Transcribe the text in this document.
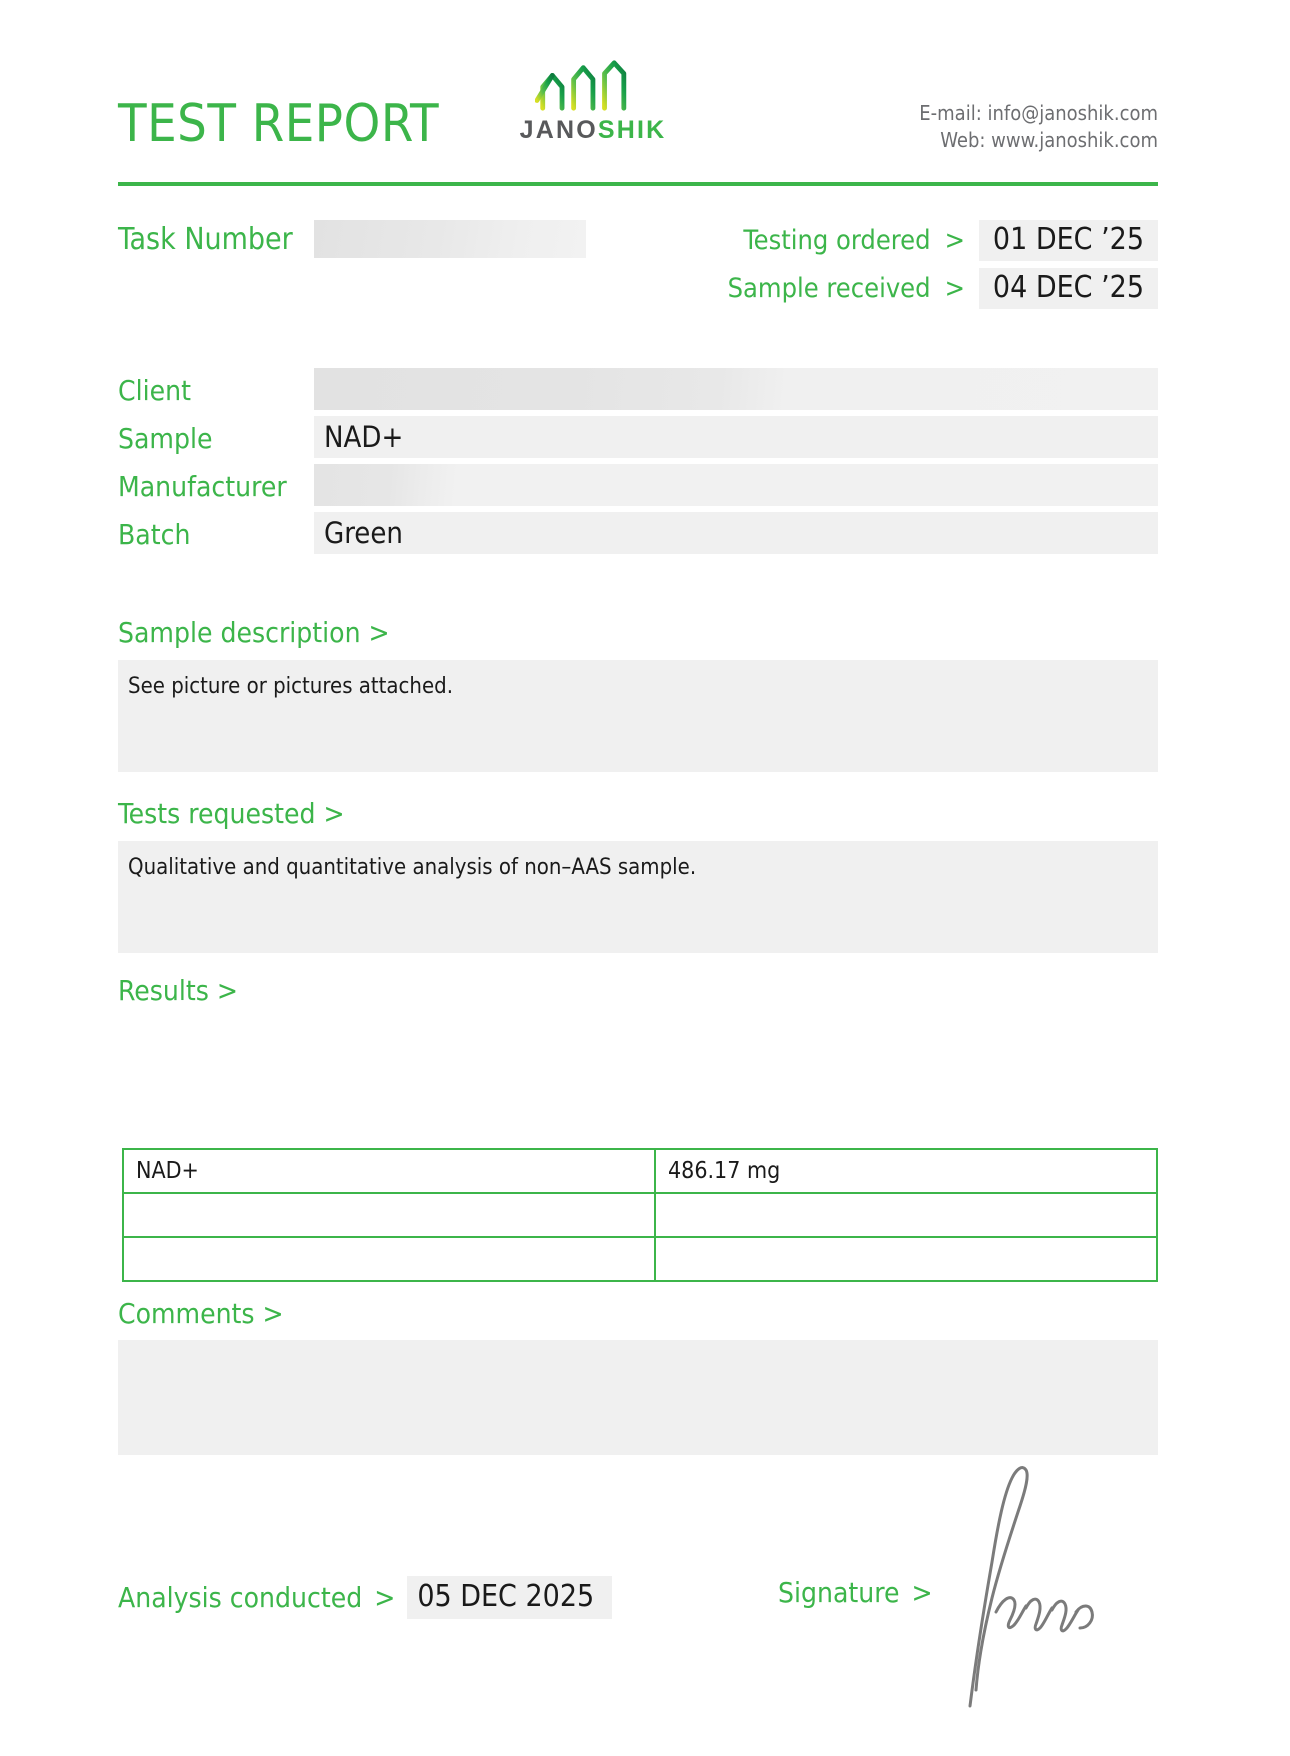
TEST REPORT	JANOSHIK
E-mail: info@janoshik.com
Web: www.janoshik.com
Task Number	Testing ordered > 01 DEC ’25
Sample received > 04 DEC ’25
Client
Sample	NAD+
Manufacturer
Batch	Green
Sample description >
See picture or pictures attached.
Tests requested >
Qualitative and quantitative analysis of non–AAS sample.
Results >
NAD+	486.17 mg

Comments >
Analysis conducted > 05 DEC 2025	Signature >
